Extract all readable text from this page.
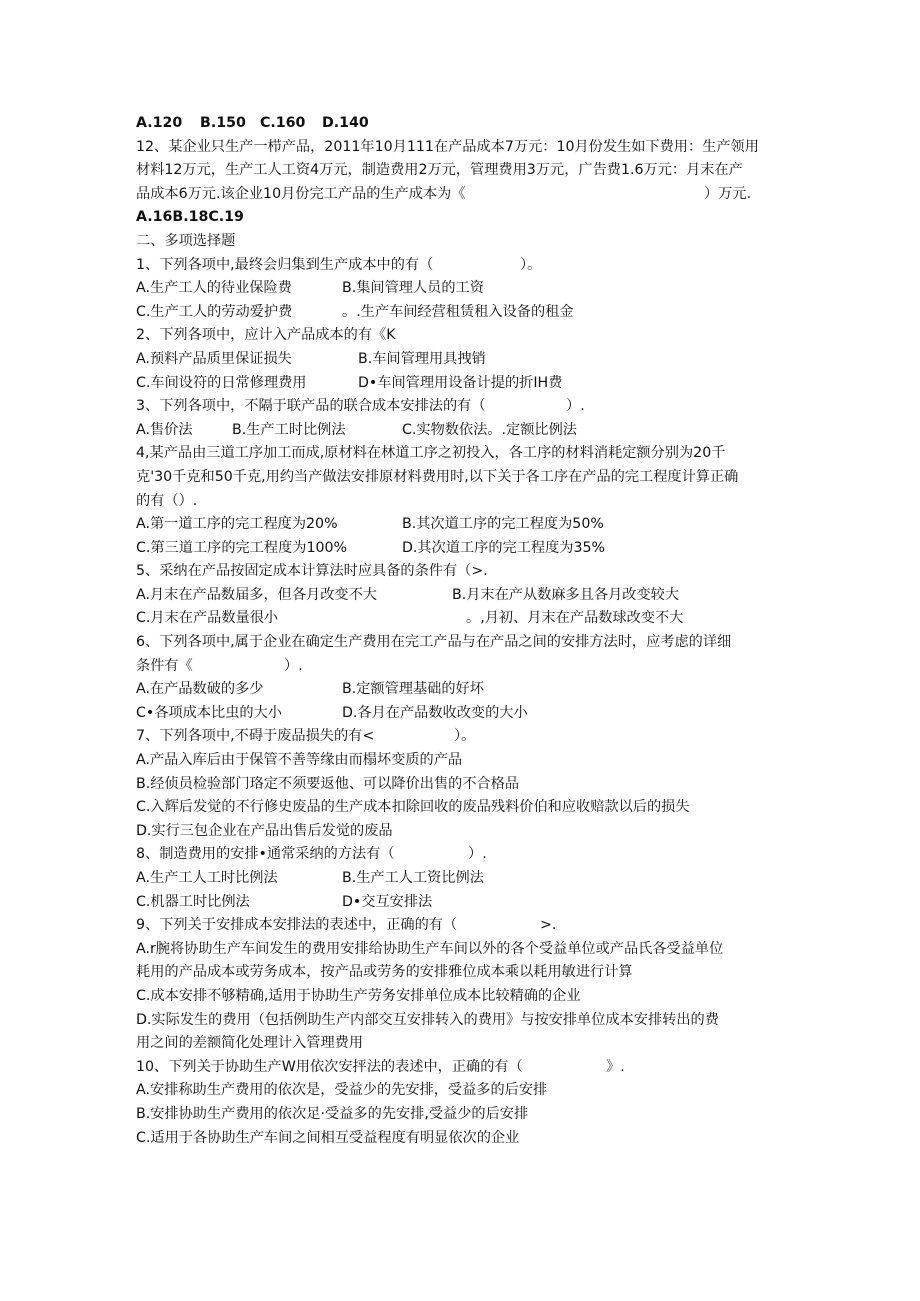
A.120 B.150 C.160 D.140
12、某企业只生产一栉产品，2011年10月111在产品成本7万元：10月份发生如下费用：生产领用
材料12万元，生产工人工资4万元，制造费用2万元，管理费用3万元，广告费1.6万元：月末在产
品成本6万元.该企业10月份完工产品的生产成本为《	）万元.
A.16B.18C.19
二、多项选择题
1、下列各项中,最终会归集到生产成本中的有（	）。
A.生产工人的待业保险费	B.集间管理人员的工资
C.生产工人的劳动爱护费	。.生产车间经营租赁租入设备的租金
2、下列各项中，应计入产品成本的有《K
A.预料产品质里保证损失	B.车间管理用具拽销
C.车间设符的日常修理费用	D•车间管理用设备计提的折IH费
3、下列各项中，不隔于联产品的联合成本安排法的有（	）.
A.售价法	B.生产工时比例法	C.实物数依法。.定额比例法
4,某产品由三道工序加工而成,原材料在林道工序之初投入，各工序的材料消耗定额分别为20千
克'30千克和50千克,用约当产做法安排原材料费用时,以下关于各工序在产品的完工程度计算正确
的有（）.
A.第一道工序的完工程度为20%	B.其次道工序的完工程度为50%
C.第三道工序的完工程度为100%	D.其次道工序的完工程度为35%
5、采纳在产品按固定成本计算法时应具备的条件有（>.
A.月末在产品数届多，但各月改变不大	B.月末在产从数麻多且各月改变较大
C.月末在产品数量很小	。,月初、月末在产品数球改变不大
6、下列各项中,属于企业在确定生产费用在完工产品与在产品之间的安排方法时，应考虑的详细
条件有《	）.
A.在产品数破的多少	B.定额管理基础的好坏
C•各项成本比虫的大小	D.各月在产品数收改变的大小
7、下列各项中,不碍于废品损失的有<	）。
A.产品入库后由于保管不善等缘由而榻坏变质的产品
B.经侦员检验部门珞定不须要返他、可以降价出售的不合格品
C.入辉后发觉的不行修史废品的生产成本扣除回收的废品残料价伯和应收赔款以后的损失
D.实行三包企业在产品出售后发觉的废品
8、制造费用的安排•通常采纳的方法有（	）.
A.生产工人工时比例法	B.生产工人工资比例法
C.机器工时比例法	D•交互安排法
9、下列关于安排成本安排法的表述中，正确的有（	>.
A.r腕将协助生产车间发生的费用安排给协助生产车间以外的各个受益单位或产品氏各受益单位
耗用的产品成本或劳务成本，按产品或劳务的安排雅位成本乘以耗用敏进行计算
C.成本安排不够精确,适用于协助生产劳务安排单位成本比较精确的企业
D.实际发生的费用（包括例助生产内部交互安排转入的费用》与按安排单位成本安排转出的费
用之间的差额简化处理计入管理费用
10、下列关于协助生产W用依次安抨法的表述中，正确的有（	》.
A.安排称助生产费用的依次是，受益少的先安排，受益多的后安排
B.安排协助生产费用的依次足·受益多的先安排,受益少的后安排
C.适用于各协助生产车间之间相互受益程度有明显依次的企业
